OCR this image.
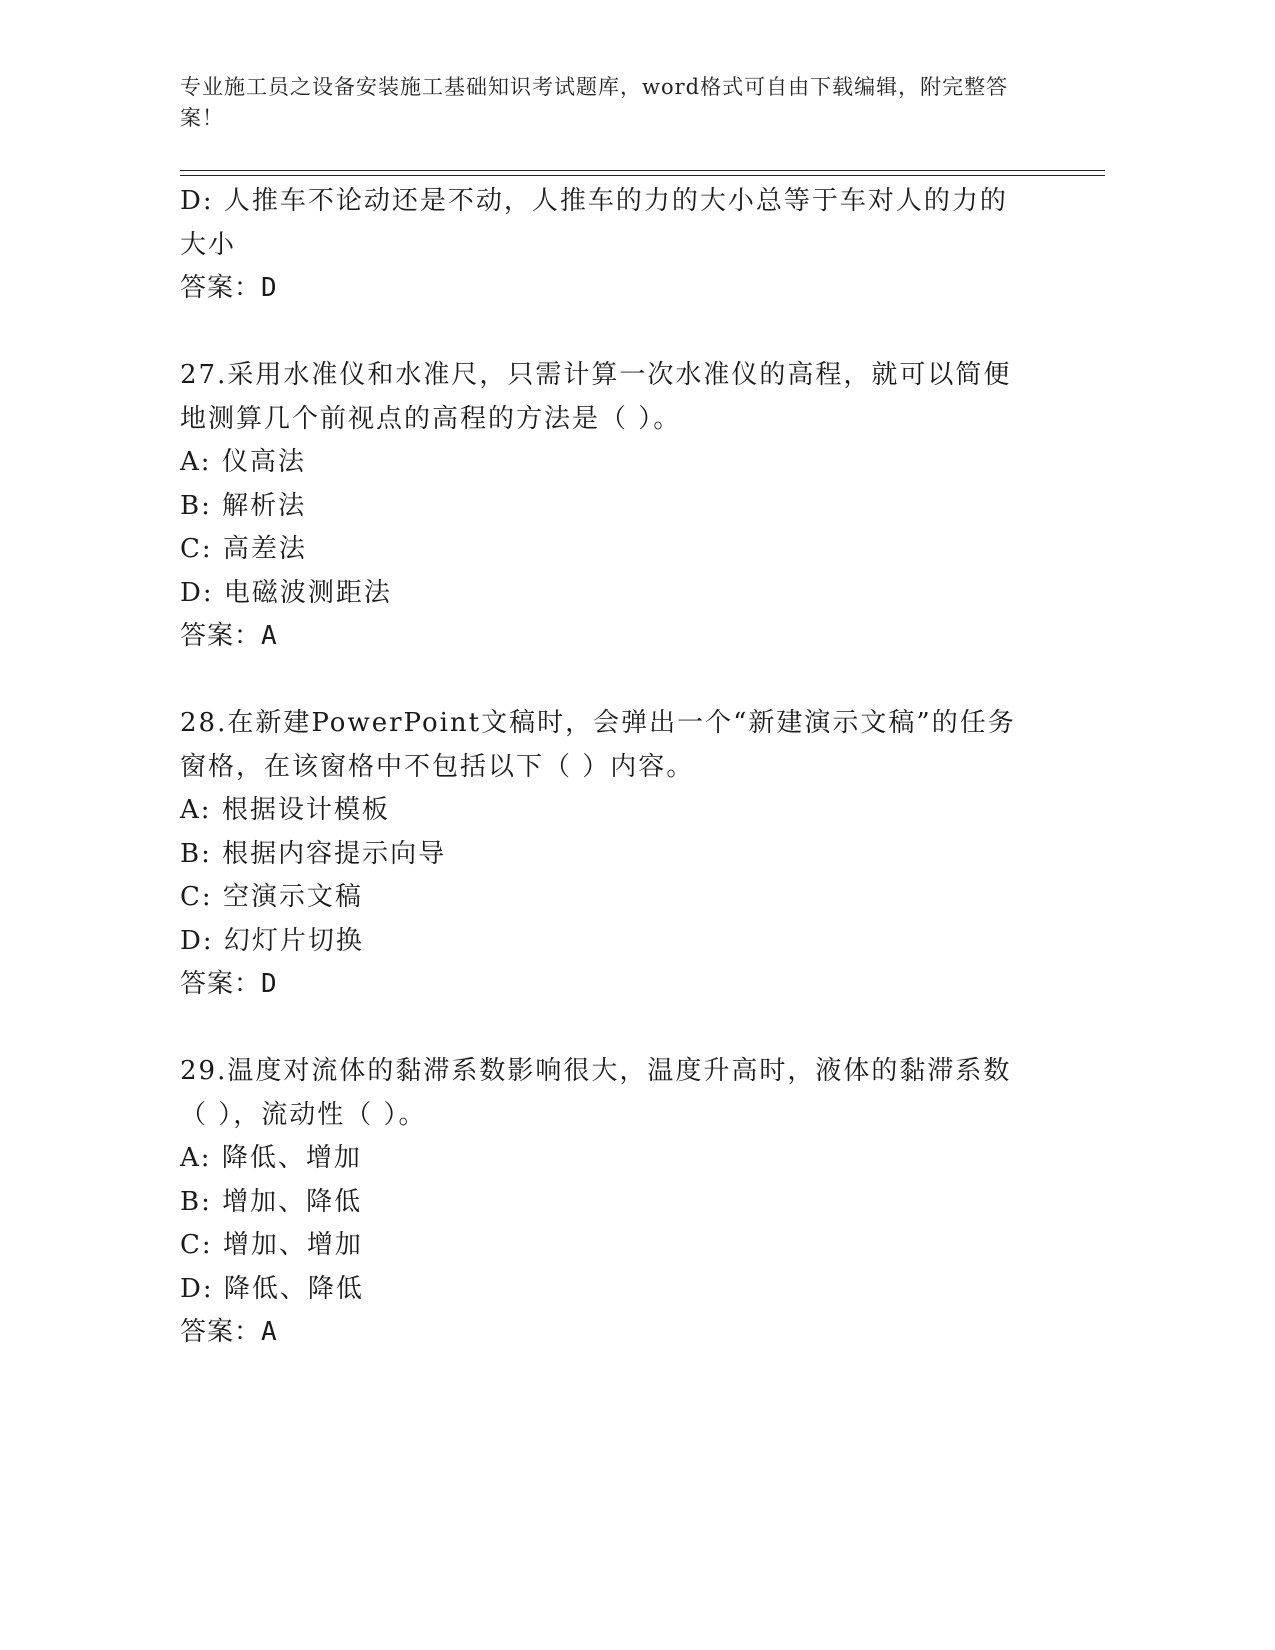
专业施工员之设备安装施工基础知识考试题库，word格式可自由下载编辑，附完整答案！

D: 人推车不论动还是不动，人推车的力的大小总等于车对人的力的大小

答案：D

27.采用水准仪和水准尺，只需计算一次水准仪的高程，就可以简便地测算几个前视点的高程的方法是（ ）。

A: 仪高法

B: 解析法

C: 高差法

D: 电磁波测距法

答案：A

28.在新建PowerPoint文稿时，会弹出一个“新建演示文稿”的任务窗格，在该窗格中不包括以下（ ）内容。

A: 根据设计模板

B: 根据内容提示向导

C: 空演示文稿

D: 幻灯片切换

答案：D

29.温度对流体的黏滞系数影响很大，温度升高时，液体的黏滞系数（ ），流动性（ ）。

A: 降低、增加

B: 增加、降低

C: 增加、增加

D: 降低、降低

答案：A
